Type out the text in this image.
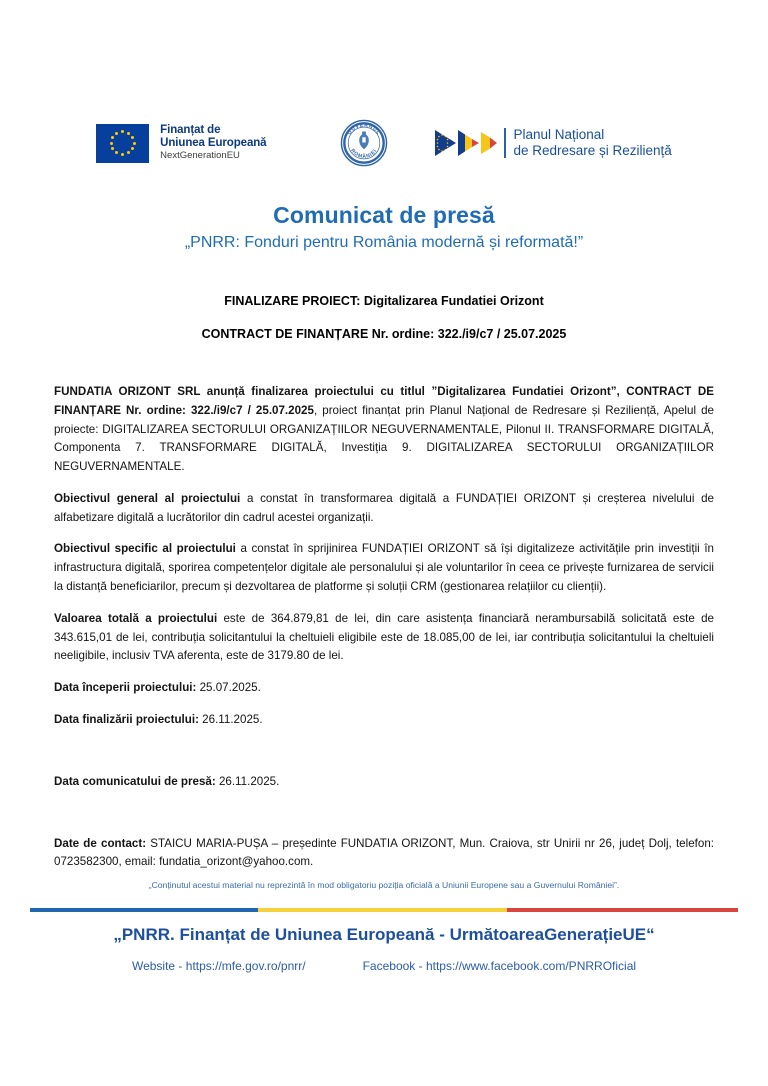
Finanțat de
Uniunea Europeană
NextGenerationEU
GUVERNUL
ROMÂNIEI
Planul Național
de Redresare și Reziliență
Comunicat de presă
„PNRR: Fonduri pentru România modernă și reformată!”
FINALIZARE PROIECT: Digitalizarea Fundatiei Orizont
CONTRACT DE FINANȚARE Nr. ordine: 322./i9/c7 / 25.07.2025

FUNDATIA ORIZONT SRL anunță finalizarea proiectului cu titlul ”Digitalizarea Fundatiei Orizont”, CONTRACT DE FINANȚARE Nr. ordine: 322./i9/c7 / 25.07.2025, proiect finanțat prin Planul Național de Redresare și Reziliență, Apelul de proiecte: DIGITALIZAREA SECTORULUI ORGANIZAȚIILOR NEGUVERNAMENTALE, Pilonul II. TRANSFORMARE DIGITALĂ, Componenta 7. TRANSFORMARE DIGITALĂ, Investiția 9. DIGITALIZAREA SECTORULUI ORGANIZAȚIILOR NEGUVERNAMENTALE.

Obiectivul general al proiectului a constat în transformarea digitală a FUNDAȚIEI ORIZONT și creșterea nivelului de alfabetizare digitală a lucrătorilor din cadrul acestei organizații.

Obiectivul specific al proiectului a constat în sprijinirea FUNDAȚIEI ORIZONT să își digitalizeze activitățile prin investiții în infrastructura digitală, sporirea competențelor digitale ale personalului și ale voluntarilor în ceea ce privește furnizarea de servicii la distanță beneficiarilor, precum și dezvoltarea de platforme și soluții CRM (gestionarea relațiilor cu clienții).

Valoarea totală a proiectului este de 364.879,81 de lei, din care asistența financiară nerambursabilă solicitată este de 343.615,01 de lei, contribuția solicitantului la cheltuieli eligibile este de 18.085,00 de lei, iar contribuția solicitantului la cheltuieli neeligibile, inclusiv TVA aferenta, este de 3179.80 de lei.

Data începerii proiectului: 25.07.2025.

Data finalizării proiectului: 26.11.2025.

Data comunicatului de presă: 26.11.2025.

Date de contact: STAICU MARIA-PUȘA – președinte FUNDATIA ORIZONT, Mun. Craiova, str Unirii nr 26, județ Dolj, telefon: 0723582300, email: fundatia_orizont@yahoo.com.

„Conținutul acestui material nu reprezintă în mod obligatoriu poziția oficială a Uniunii Europene sau a Guvernului României”.
„PNRR. Finanțat de Uniunea Europeană - UrmătoareaGenerațieUE“
Website - https://mfe.gov.ro/pnrr/	Facebook - https://www.facebook.com/PNRROficial
